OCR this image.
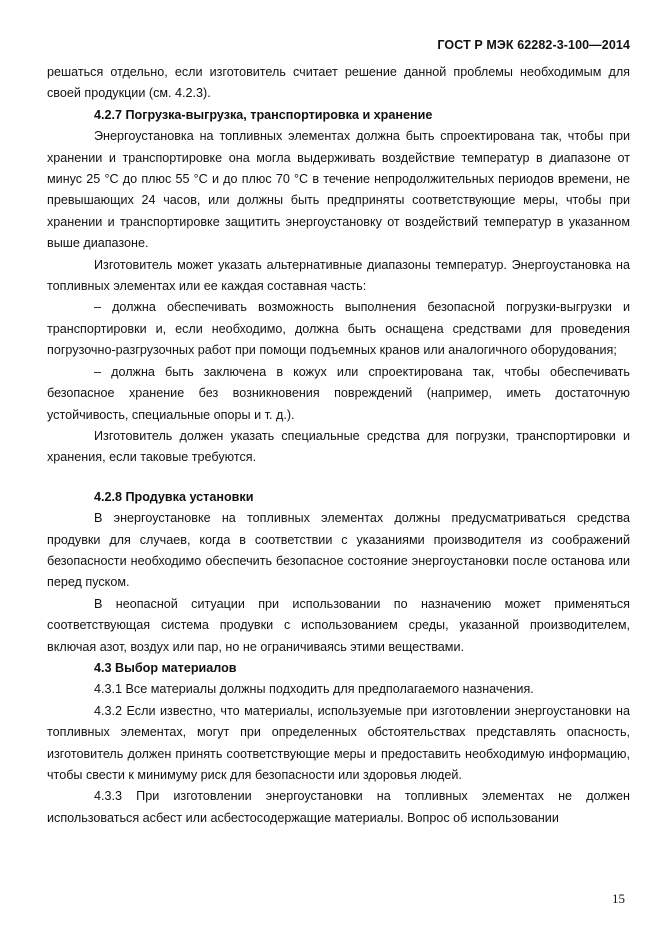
ГОСТ Р МЭК 62282-3-100—2014

решаться отдельно, если изготовитель считает решение данной проблемы необходимым для своей продукции (см. 4.2.3).

4.2.7 Погрузка-выгрузка, транспортировка и хранение

Энергоустановка на топливных элементах должна быть спроектирована так, чтобы при хранении и транспортировке она могла выдерживать воздействие температур в диапазоне от минус 25 °С до плюс 55 °С и до плюс 70 °С в течение непродолжительных периодов времени, не превышающих 24 часов, или должны быть предприняты соответствующие меры, чтобы при хранении и транспортировке защитить энергоустановку от воздействий температур в указанном выше диапазоне.

Изготовитель может указать альтернативные диапазоны температур. Энергоустановка на топливных элементах или ее каждая составная часть:

– должна обеспечивать возможность выполнения безопасной погрузки-выгрузки и транспортировки и, если необходимо, должна быть оснащена средствами для проведения погрузочно-разгрузочных работ при помощи подъемных кранов или аналогичного оборудования;

– должна быть заключена в кожух или спроектирована так, чтобы обеспечивать безопасное хранение без возникновения повреждений (например, иметь достаточную устойчивость, специальные опоры и т. д.).

Изготовитель должен указать специальные средства для погрузки, транспортировки и хранения, если таковые требуются.

4.2.8 Продувка установки

В энергоустановке на топливных элементах должны предусматриваться средства продувки для случаев, когда в соответствии с указаниями производителя из соображений безопасности необходимо обеспечить безопасное состояние энергоустановки после останова или перед пуском.

В неопасной ситуации при использовании по назначению может применяться соответствующая система продувки с использованием среды, указанной производителем, включая азот, воздух или пар, но не ограничиваясь этими веществами.

4.3 Выбор материалов

4.3.1 Все материалы должны подходить для предполагаемого назначения.

4.3.2 Если известно, что материалы, используемые при изготовлении энергоустановки на топливных элементах, могут при определенных обстоятельствах представлять опасность, изготовитель должен принять соответствующие меры и предоставить необходимую информацию, чтобы свести к минимуму риск для безопасности или здоровья людей.

4.3.3 При изготовлении энергоустановки на топливных элементах не должен использоваться асбест или асбестосодержащие материалы. Вопрос об использовании

15
